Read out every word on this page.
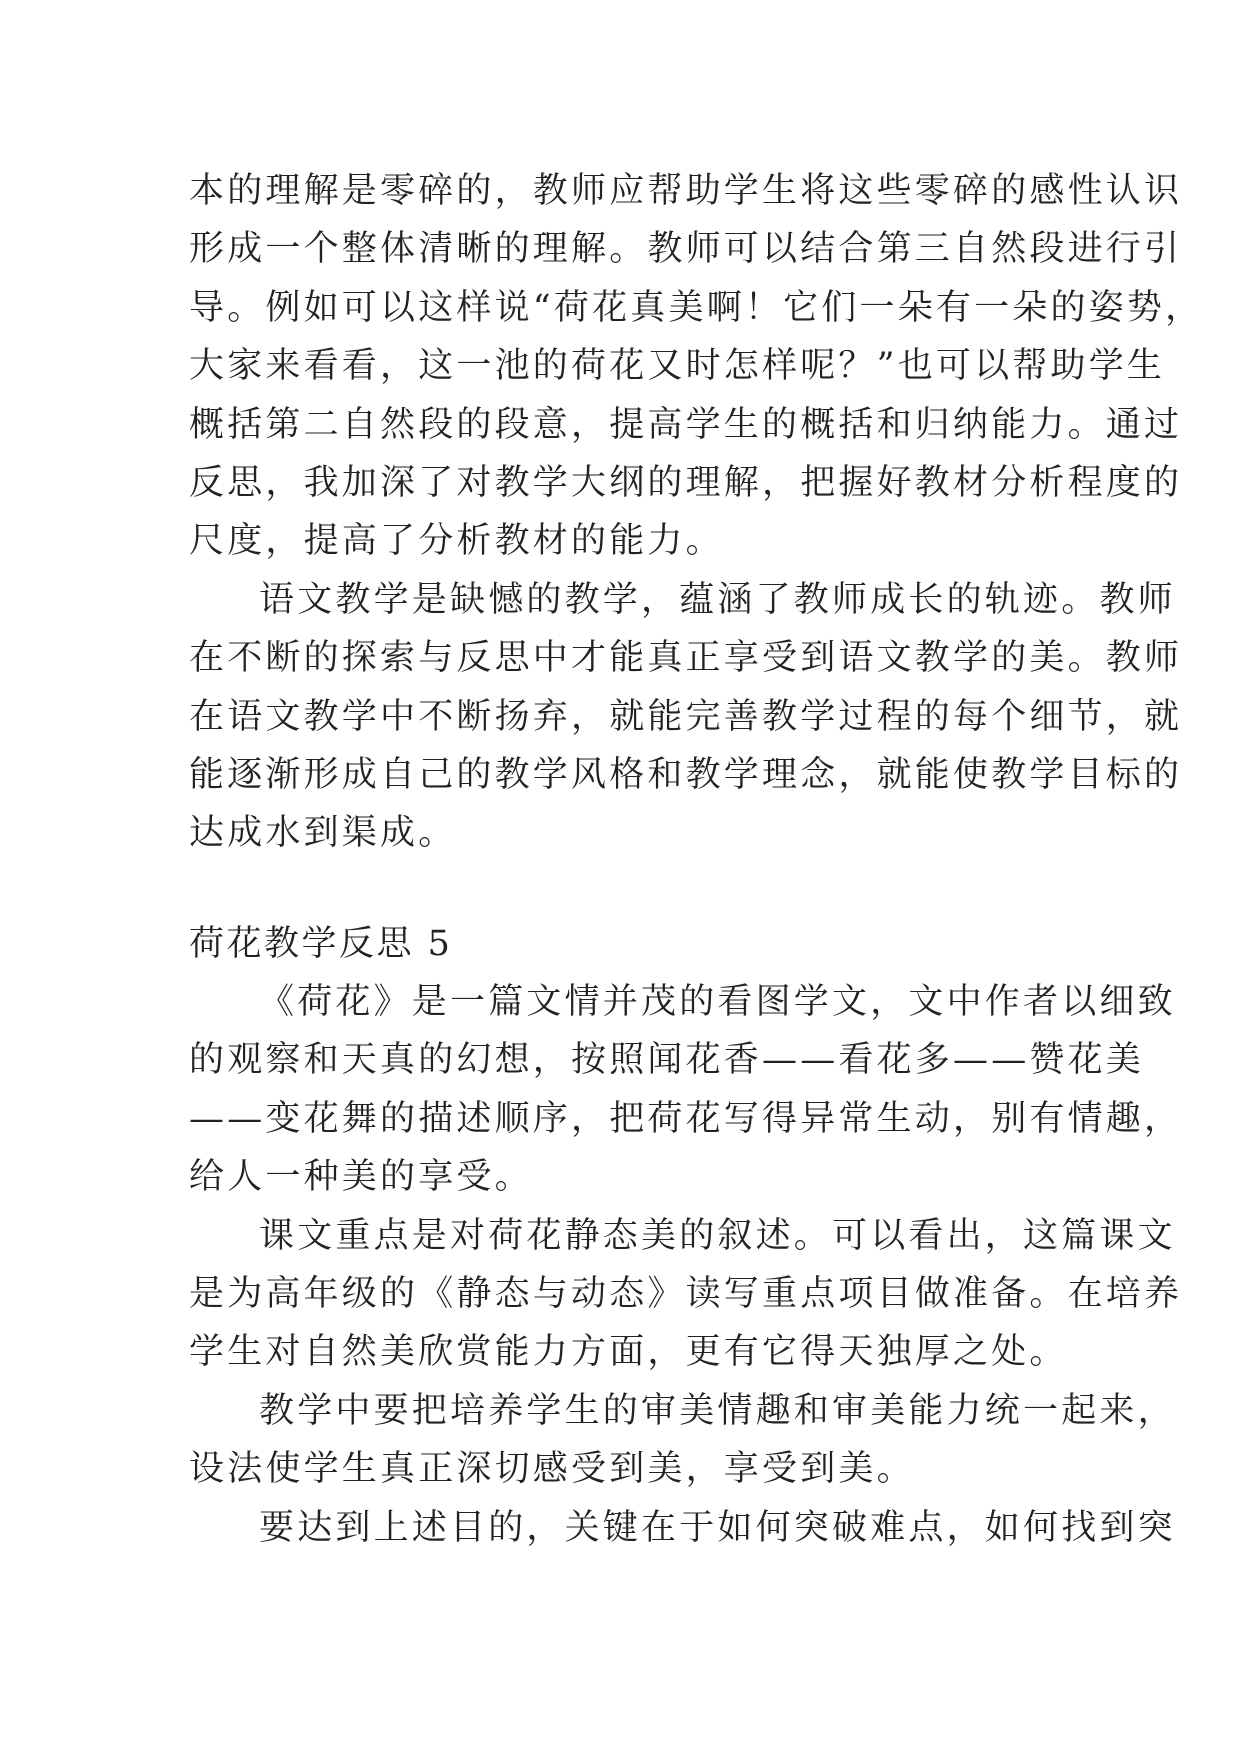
本的理解是零碎的，教师应帮助学生将这些零碎的感性认识
形成一个整体清晰的理解。教师可以结合第三自然段进行引
导。例如可以这样说“荷花真美啊！它们一朵有一朵的姿势，
大家来看看，这一池的荷花又时怎样呢？”也可以帮助学生
概括第二自然段的段意，提高学生的概括和归纳能力。通过
反思，我加深了对教学大纲的理解，把握好教材分析程度的
尺度，提高了分析教材的能力。
语文教学是缺憾的教学，蕴涵了教师成长的轨迹。教师
在不断的探索与反思中才能真正享受到语文教学的美。教师
在语文教学中不断扬弃，就能完善教学过程的每个细节，就
能逐渐形成自己的教学风格和教学理念，就能使教学目标的
达成水到渠成。
荷花教学反思 5
《荷花》是一篇文情并茂的看图学文，文中作者以细致
的观察和天真的幻想，按照闻花香——看花多——赞花美
——变花舞的描述顺序，把荷花写得异常生动，别有情趣，
给人一种美的享受。
课文重点是对荷花静态美的叙述。可以看出，这篇课文
是为高年级的《静态与动态》读写重点项目做准备。在培养
学生对自然美欣赏能力方面，更有它得天独厚之处。
教学中要把培养学生的审美情趣和审美能力统一起来，
设法使学生真正深切感受到美，享受到美。
要达到上述目的，关键在于如何突破难点，如何找到突
